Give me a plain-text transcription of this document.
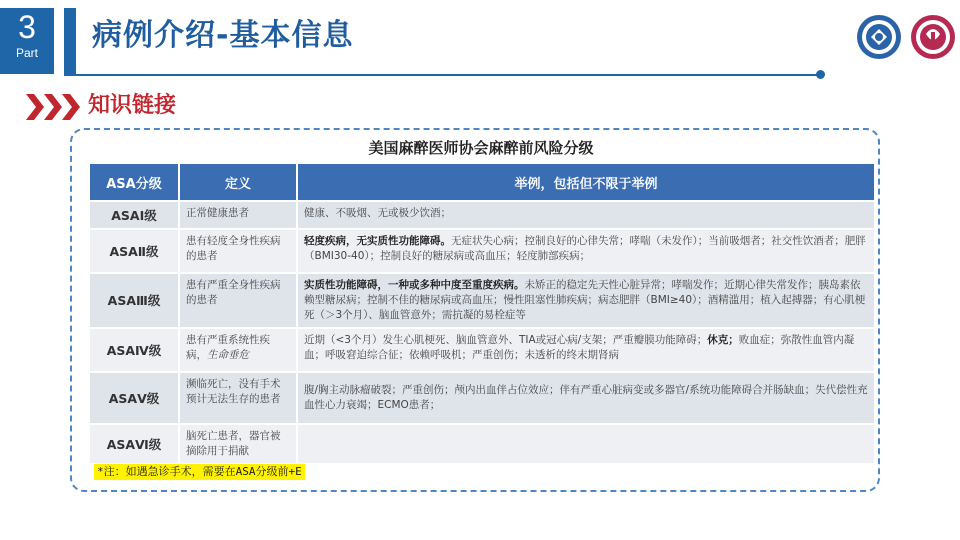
3
Part	病例介绍-基本信息
知识链接
美国麻醉医师协会麻醉前风险分级
ASA分级	定义	举例，包括但不限于举例
ASAⅠ级	正常健康患者	健康、不吸烟、无或极少饮酒；
ASAⅡ级	患有轻度全身性疾病的患者	轻度疾病，无实质性功能障碍。无症状失心病；控制良好的心律失常；哮喘（未发作）；当前吸烟者；社交性饮酒者；肥胖（BMI30-40）；控制良好的糖尿病或高血压；轻度肺部疾病；
ASAⅢ级	患有严重全身性疾病的患者	实质性功能障碍，一种或多种中度至重度疾病。未矫正的稳定先天性心脏异常；哮喘发作；近期心律失常发作；胰岛素依赖型糖尿病；控制不佳的糖尿病或高血压；慢性阻塞性肺疾病；病态肥胖（BMI≥40）；酒精滥用；植入起搏器；有心肌梗死（＞3个月）、脑血管意外；需抗凝的易栓症等
ASAⅣ级	患有严重系统性疾病，生命垂危	近期（<3个月）发生心肌梗死、脑血管意外、TIA或冠心病/支架；严重瓣膜功能障碍；休克；败血症；弥散性血管内凝血；呼吸窘迫综合征；依赖呼吸机；严重创伤；未透析的终末期肾病
ASAⅤ级	濒临死亡，没有手术预计无法生存的患者	腹/胸主动脉瘤破裂；严重创伤；颅内出血伴占位效应；伴有严重心脏病变或多器官/系统功能障碍合并肠缺血；失代偿性充血性心力衰竭；ECMO患者；
ASAⅥ级	脑死亡患者，器官被摘除用于捐献	
*注：如遇急诊手术，需要在ASA分级前+E
